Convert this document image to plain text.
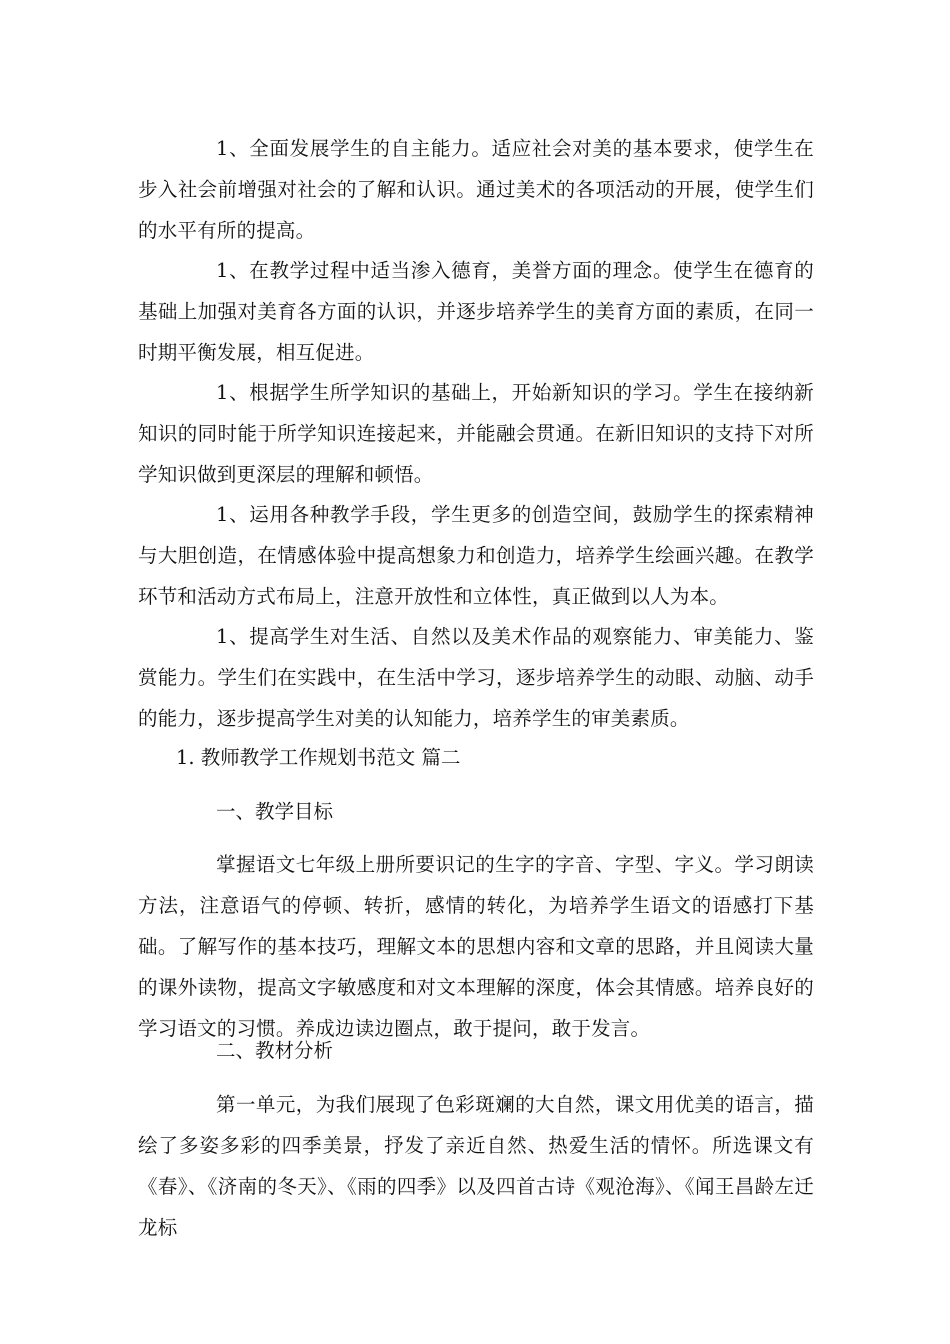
1、全面发展学生的自主能力。适应社会对美的基本要求，使学生在步入社会前增强对社会的了解和认识。通过美术的各项活动的开展，使学生们的水平有所的提高。

1、在教学过程中适当渗入德育，美誉方面的理念。使学生在德育的基础上加强对美育各方面的认识，并逐步培养学生的美育方面的素质，在同一时期平衡发展，相互促进。

1、根据学生所学知识的基础上，开始新知识的学习。学生在接纳新知识的同时能于所学知识连接起来，并能融会贯通。在新旧知识的支持下对所学知识做到更深层的理解和顿悟。

1、运用各种教学手段，学生更多的创造空间，鼓励学生的探索精神与大胆创造，在情感体验中提高想象力和创造力，培养学生绘画兴趣。在教学环节和活动方式布局上，注意开放性和立体性，真正做到以人为本。

1、提高学生对生活、自然以及美术作品的观察能力、审美能力、鉴赏能力。学生们在实践中，在生活中学习，逐步培养学生的动眼、动脑、动手的能力，逐步提高学生对美的认知能力，培养学生的审美素质。

1. 教师教学工作规划书范文 篇二

一、教学目标

掌握语文七年级上册所要识记的生字的字音、字型、字义。学习朗读方法，注意语气的停顿、转折，感情的转化，为培养学生语文的语感打下基础。了解写作的基本技巧，理解文本的思想内容和文章的思路，并且阅读大量的课外读物，提高文字敏感度和对文本理解的深度，体会其情感。培养良好的学习语文的习惯。养成边读边圈点，敢于提问，敢于发言。

二、教材分析

第一单元，为我们展现了色彩斑斓的大自然，课文用优美的语言，描绘了多姿多彩的四季美景，抒发了亲近自然、热爱生活的情怀。所选课文有《春》、《济南的冬天》、《雨的四季》以及四首古诗《观沧海》、《闻王昌龄左迁龙标
